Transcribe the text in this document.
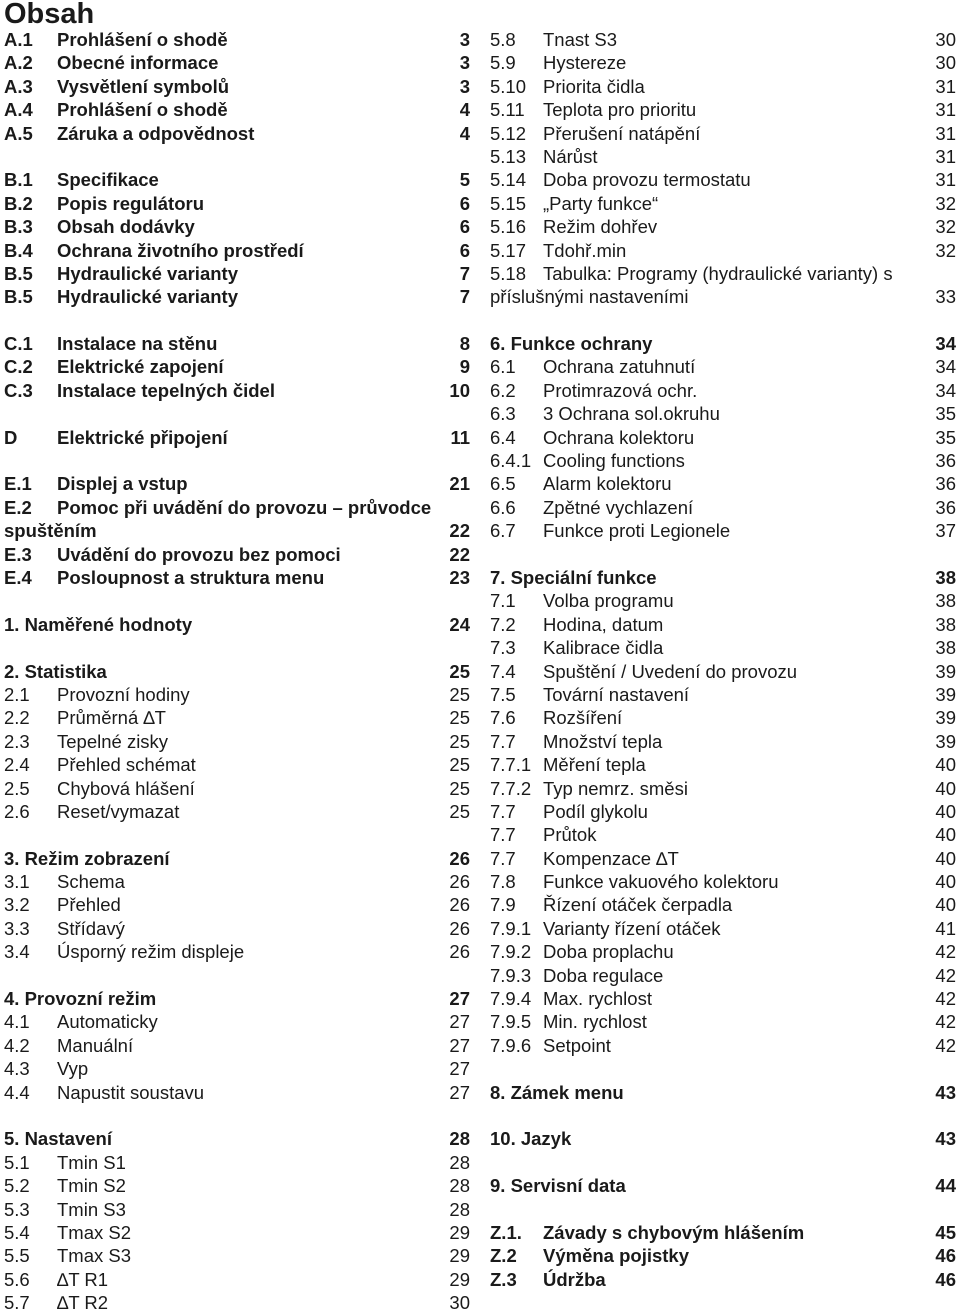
Obsah
A.1 Prohlášení o shodě	3
A.2 Obecné informace	3
A.3 Vysvětlení symbolů	3
A.4 Prohlášení o shodě	4
A.5 Záruka a odpovědnost	4
B.1 Specifikace	5
B.2 Popis regulátoru	6
B.3 Obsah dodávky	6
B.4 Ochrana životního prostředí	6
B.5 Hydraulické varianty	7
B.5 Hydraulické varianty	7
C.1 Instalace na stěnu	8
C.2 Elektrické zapojení	9
C.3 Instalace tepelných čidel	10
D Elektrické připojení	11
E.1 Displej a vstup	21
E.2 Pomoc při uvádění do provozu – průvodce
spuštěním	22
E.3 Uvádění do provozu bez pomoci	22
E.4 Posloupnost a struktura menu	23
1. Naměřené hodnoty	24
2. Statistika	25
2.1 Provozní hodiny	25
2.2 Průměrná ∆T	25
2.3 Tepelné zisky	25
2.4 Přehled schémat	25
2.5 Chybová hlášení	25
2.6 Reset/vymazat	25
3. Režim zobrazení	26
3.1 Schema	26
3.2 Přehled	26
3.3 Střídavý	26
3.4 Úsporný režim displeje	26
4. Provozní režim	27
4.1 Automaticky	27
4.2 Manuální	27
4.3 Vyp	27
4.4 Napustit soustavu	27
5. Nastavení	28
5.1 Tmin S1	28
5.2 Tmin S2	28
5.3 Tmin S3	28
5.4 Tmax S2	29
5.5 Tmax S3	29
5.6 ∆T R1	29
5.7 ∆T R2	30
5.8 Tnast S3	30
5.9 Hystereze	30
5.10 Priorita čidla	31
5.11 Teplota pro prioritu	31
5.12 Přerušení natápění	31
5.13 Nárůst	31
5.14 Doba provozu termostatu	31
5.15 „Party funkce“	32
5.16 Režim dohřev	32
5.17 Tdohř.min	32
5.18 Tabulka: Programy (hydraulické varianty) s
příslušnými nastaveními	33
6. Funkce ochrany	34
6.1 Ochrana zatuhnutí	34
6.2 Protimrazová ochr.	34
6.3 3 Ochrana sol.okruhu	35
6.4 Ochrana kolektoru	35
6.4.1 Cooling functions	36
6.5 Alarm kolektoru	36
6.6 Zpětné vychlazení	36
6.7 Funkce proti Legionele	37
7. Speciální funkce	38
7.1 Volba programu	38
7.2 Hodina, datum	38
7.3 Kalibrace čidla	38
7.4 Spuštění / Uvedení do provozu	39
7.5 Tovární nastavení	39
7.6 Rozšíření	39
7.7 Množství tepla	39
7.7.1 Měření tepla	40
7.7.2 Typ nemrz. směsi	40
7.7 Podíl glykolu	40
7.7 Průtok	40
7.7 Kompenzace ∆T	40
7.8 Funkce vakuového kolektoru	40
7.9 Řízení otáček čerpadla	40
7.9.1 Varianty řízení otáček	41
7.9.2 Doba proplachu	42
7.9.3 Doba regulace	42
7.9.4 Max. rychlost	42
7.9.5 Min. rychlost	42
7.9.6 Setpoint	42
8. Zámek menu	43
10. Jazyk	43
9. Servisní data	44
Z.1. Závady s chybovým hlášením	45
Z.2 Výměna pojistky	46
Z.3 Údržba	46
